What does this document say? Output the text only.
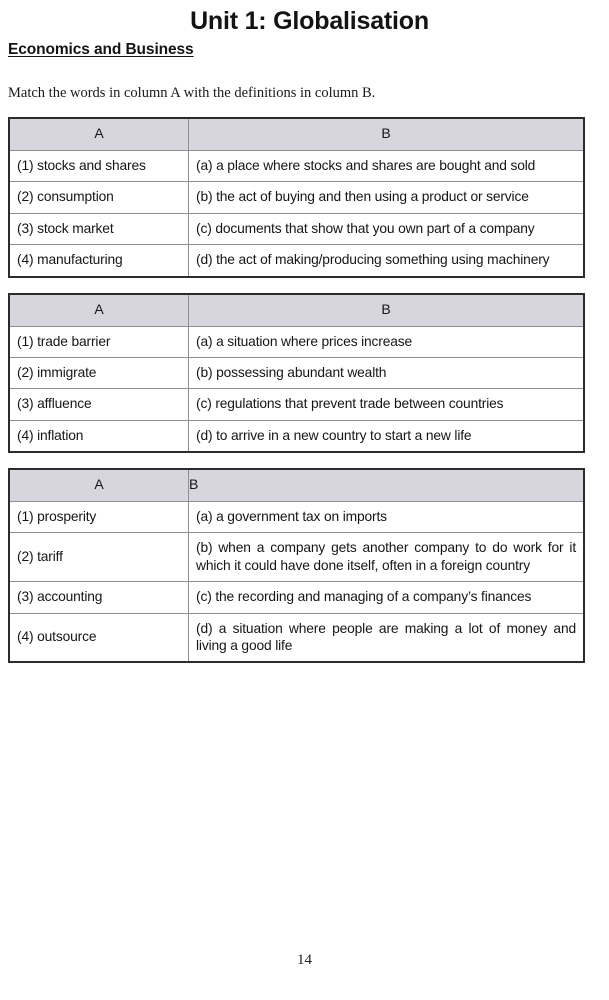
Unit 1: Globalisation
Economics and Business
Match the words in column A with the definitions in column B.
A	B
(1) stocks and shares	(a) a place where stocks and shares are bought and sold
(2) consumption	(b) the act of buying and then using a product or service
(3) stock market	(c) documents that show that you own part of a company
(4) manufacturing	(d) the act of making/producing something using machinery
A	B
(1) trade barrier	(a) a situation where prices increase
(2) immigrate	(b) possessing abundant wealth
(3) affluence	(c) regulations that prevent trade between countries
(4) inflation	(d) to arrive in a new country to start a new life
A	B
(1) prosperity	(a) a government tax on imports
(2) tariff	(b) when a company gets another company to do work for it which it could have done itself, often in a foreign country
(3) accounting	(c) the recording and managing of a company’s finances
(4) outsource	(d) a situation where people are making a lot of money and living a good life
14
